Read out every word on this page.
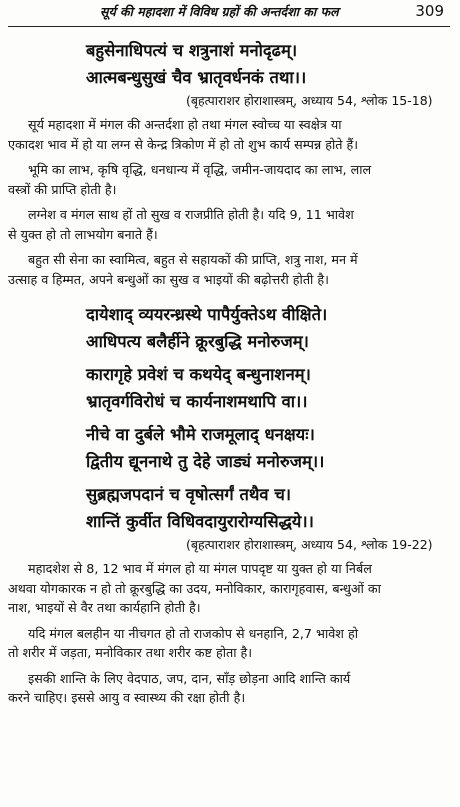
सूर्य की महादशा में विविध ग्रहों की अन्तर्दशा का फल	309
बहुसेनाधिपत्यं च शत्रुनाशं मनोदृढम्।
आत्मबन्धुसुखं चैव भ्रातृवर्धनकं तथा।।
(बृहत्पाराशर होराशास्त्रम्, अध्याय 54, श्लोक 15-18)
सूर्य महादशा में मंगल की अन्तर्दशा हो तथा मंगल स्वोच्च या स्वक्षेत्र या
एकादश भाव में हो या लग्न से केन्द्र त्रिकोण में हो तो शुभ कार्य सम्पन्न होते हैं।
भूमि का लाभ, कृषि वृद्धि, धनधान्य में वृद्धि, जमीन-जायदाद का लाभ, लाल
वस्त्रों की प्राप्ति होती है।
लग्नेश व मंगल साथ हों तो सुख व राजप्रीति होती है। यदि 9, 11 भावेश
से युक्त हो तो लाभयोग बनाते हैं।
बहुत सी सेना का स्वामित्व, बहुत से सहायकों की प्राप्ति, शत्रु नाश, मन में
उत्साह व हिम्मत, अपने बन्धुओं का सुख व भाइयों की बढ़ोत्तरी होती है।
दायेशाद् व्ययरन्ध्रस्थे पापैर्युक्तेऽथ वीक्षिते।
आधिपत्य बलैर्हीने क्रूरबुद्धि मनोरुजम्।
कारागृहे प्रवेशं च कथयेद् बन्धुनाशनम्।
भ्रातृवर्गविरोधं च कार्यनाशमथापि वा।।
नीचे वा दुर्बले भौमे राजमूलाद् धनक्षयः।
द्वितीय द्यूननाथे तु देहे जाड्यं मनोरुजम्।।
सुब्रह्मजपदानं च वृषोत्सर्गं तथैव च।
शान्तिं कुर्वीत विधिवदायुरारोग्यसिद्धये।।
(बृहत्पाराशर होराशास्त्रम्, अध्याय 54, श्लोक 19-22)
महादशेश से 8, 12 भाव में मंगल हो या मंगल पापदृष्ट या युक्त हो या निर्बल
अथवा योगकारक न हो तो क्रूरबुद्धि का उदय, मनोविकार, कारागृहवास, बन्धुओं का
नाश, भाइयों से वैर तथा कार्यहानि होती है।
यदि मंगल बलहीन या नीचगत हो तो राजकोप से धनहानि, 2,7 भावेश हो
तो शरीर में जड़ता, मनोविकार तथा शरीर कष्ट होता है।
इसकी शान्ति के लिए वेदपाठ, जप, दान, साँड़ छोड़ना आदि शान्ति कार्य
करने चाहिए। इससे आयु व स्वास्थ्य की रक्षा होती है।
